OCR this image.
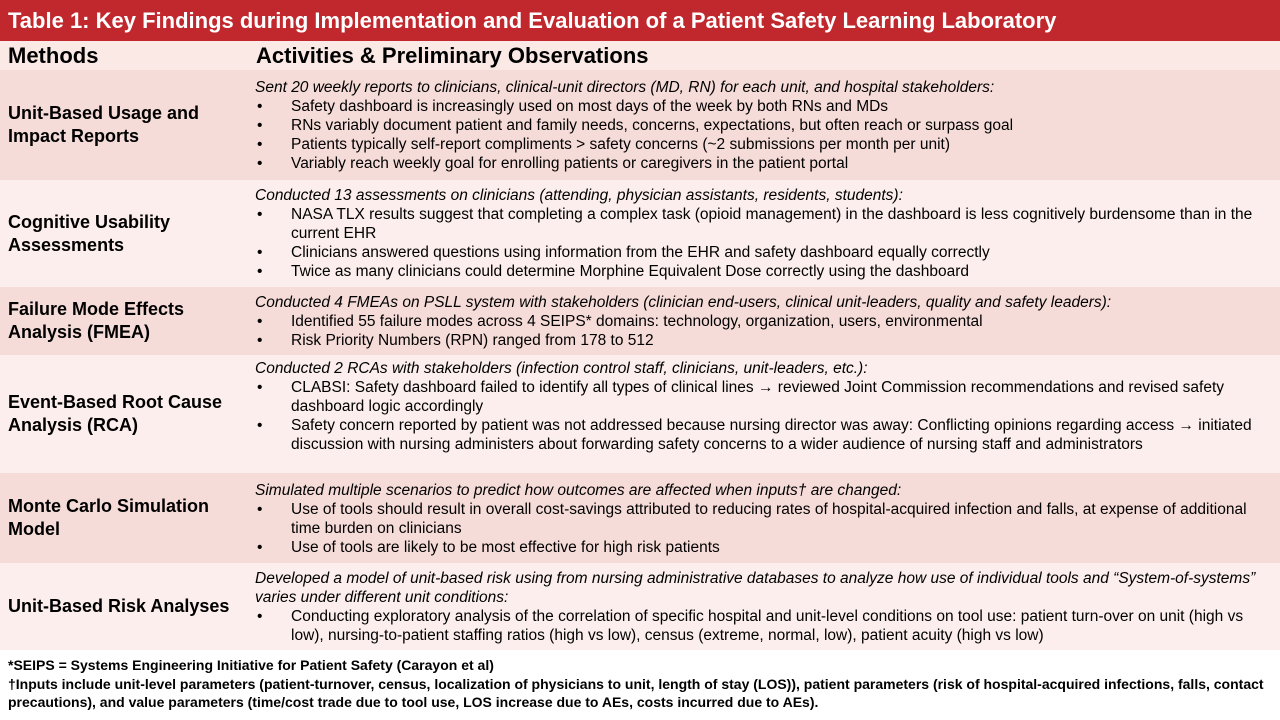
Table 1: Key Findings during Implementation and Evaluation of a Patient Safety Learning Laboratory
Methods	Activities & Preliminary Observations
Unit-Based Usage and Impact Reports
Sent 20 weekly reports to clinicians, clinical-unit directors (MD, RN) for each unit, and hospital stakeholders:
• Safety dashboard is increasingly used on most days of the week by both RNs and MDs
• RNs variably document patient and family needs, concerns, expectations, but often reach or surpass goal
• Patients typically self-report compliments > safety concerns (~2 submissions per month per unit)
• Variably reach weekly goal for enrolling patients or caregivers in the patient portal
Cognitive Usability Assessments
Conducted 13 assessments on clinicians (attending, physician assistants, residents, students):
• NASA TLX results suggest that completing a complex task (opioid management) in the dashboard is less cognitively burdensome than in the current EHR
• Clinicians answered questions using information from the EHR and safety dashboard equally correctly
• Twice as many clinicians could determine Morphine Equivalent Dose correctly using the dashboard
Failure Mode Effects Analysis (FMEA)
Conducted 4 FMEAs on PSLL system with stakeholders (clinician end-users, clinical unit-leaders, quality and safety leaders):
• Identified 55 failure modes across 4 SEIPS* domains: technology, organization, users, environmental
• Risk Priority Numbers (RPN) ranged from 178 to 512
Event-Based Root Cause Analysis (RCA)
Conducted 2 RCAs with stakeholders (infection control staff, clinicians, unit-leaders, etc.):
• CLABSI: Safety dashboard failed to identify all types of clinical lines → reviewed Joint Commission recommendations and revised safety dashboard logic accordingly
• Safety concern reported by patient was not addressed because nursing director was away: Conflicting opinions regarding access → initiated discussion with nursing administers about forwarding safety concerns to a wider audience of nursing staff and administrators
Monte Carlo Simulation Model
Simulated multiple scenarios to predict how outcomes are affected when inputs† are changed:
• Use of tools should result in overall cost-savings attributed to reducing rates of hospital-acquired infection and falls, at expense of additional time burden on clinicians
• Use of tools are likely to be most effective for high risk patients
Unit-Based Risk Analyses
Developed a model of unit-based risk using from nursing administrative databases to analyze how use of individual tools and “System-of-systems” varies under different unit conditions:
• Conducting exploratory analysis of the correlation of specific hospital and unit-level conditions on tool use: patient turn-over on unit (high vs low), nursing-to-patient staffing ratios (high vs low), census (extreme, normal, low), patient acuity (high vs low)
*SEIPS = Systems Engineering Initiative for Patient Safety (Carayon et al)
†Inputs include unit-level parameters (patient-turnover, census, localization of physicians to unit, length of stay (LOS)), patient parameters (risk of hospital-acquired infections, falls, contact precautions), and value parameters (time/cost trade due to tool use, LOS increase due to AEs, costs incurred due to AEs).
